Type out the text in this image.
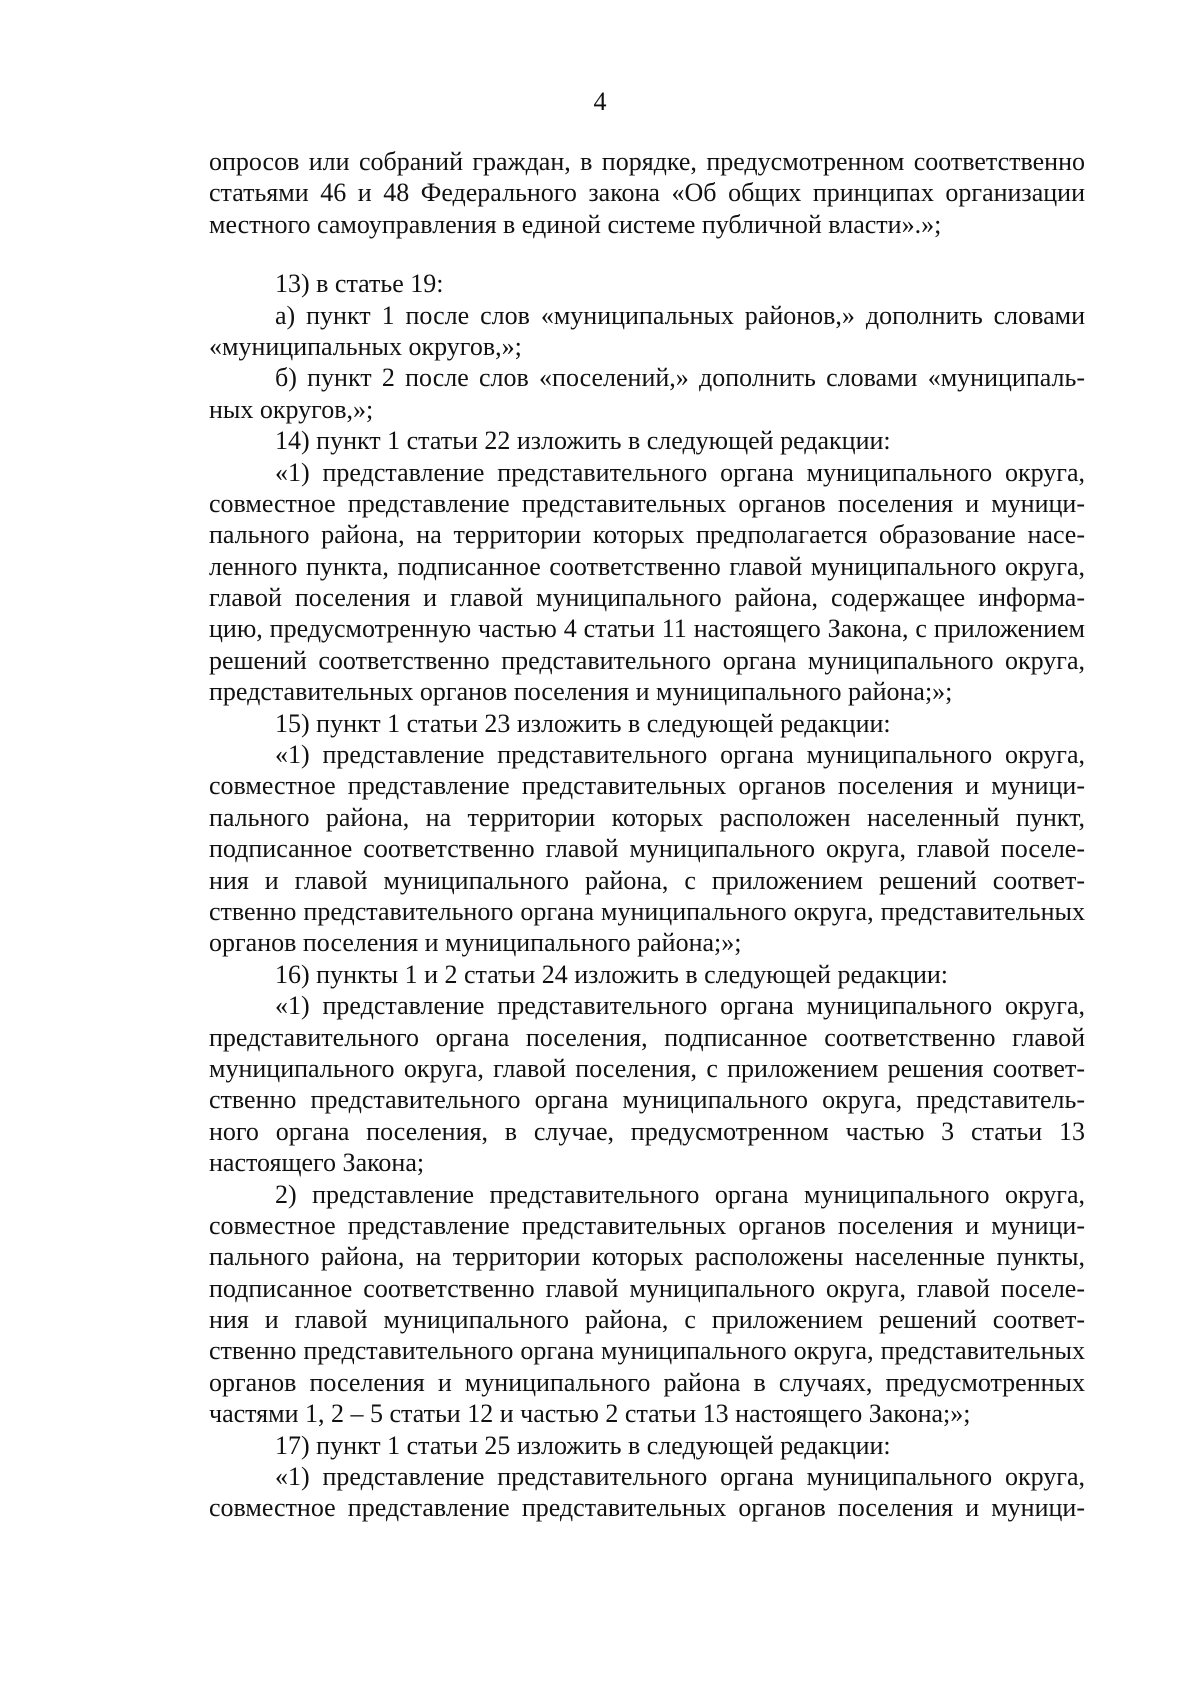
4
опросов или собраний граждан, в порядке, предусмотренном соответственно
статьями 46 и 48 Федерального закона «Об общих принципах организации
местного самоуправления в единой системе публичной власти».»;
13) в статье 19:
а) пункт 1 после слов «муниципальных районов,» дополнить словами
«муниципальных округов,»;
б) пункт 2 после слов «поселений,» дополнить словами «муниципаль-
ных округов,»;
14) пункт 1 статьи 22 изложить в следующей редакции:
«1) представление представительного органа муниципального округа,
совместное представление представительных органов поселения и муници-
пального района, на территории которых предполагается образование насе-
ленного пункта, подписанное соответственно главой муниципального округа,
главой поселения и главой муниципального района, содержащее информа-
цию, предусмотренную частью 4 статьи 11 настоящего Закона, с приложением
решений соответственно представительного органа муниципального округа,
представительных органов поселения и муниципального района;»;
15) пункт 1 статьи 23 изложить в следующей редакции:
«1) представление представительного органа муниципального округа,
совместное представление представительных органов поселения и муници-
пального района, на территории которых расположен населенный пункт,
подписанное соответственно главой муниципального округа, главой поселе-
ния и главой муниципального района, с приложением решений соответ-
ственно представительного органа муниципального округа, представительных
органов поселения и муниципального района;»;
16) пункты 1 и 2 статьи 24 изложить в следующей редакции:
«1) представление представительного органа муниципального округа,
представительного органа поселения, подписанное соответственно главой
муниципального округа, главой поселения, с приложением решения соответ-
ственно представительного органа муниципального округа, представитель-
ного органа поселения, в случае, предусмотренном частью 3 статьи 13
настоящего Закона;
2) представление представительного органа муниципального округа,
совместное представление представительных органов поселения и муници-
пального района, на территории которых расположены населенные пункты,
подписанное соответственно главой муниципального округа, главой поселе-
ния и главой муниципального района, с приложением решений соответ-
ственно представительного органа муниципального округа, представительных
органов поселения и муниципального района в случаях, предусмотренных
частями 1, 2 – 5 статьи 12 и частью 2 статьи 13 настоящего Закона;»;
17) пункт 1 статьи 25 изложить в следующей редакции:
«1) представление представительного органа муниципального округа,
совместное представление представительных органов поселения и муници-
